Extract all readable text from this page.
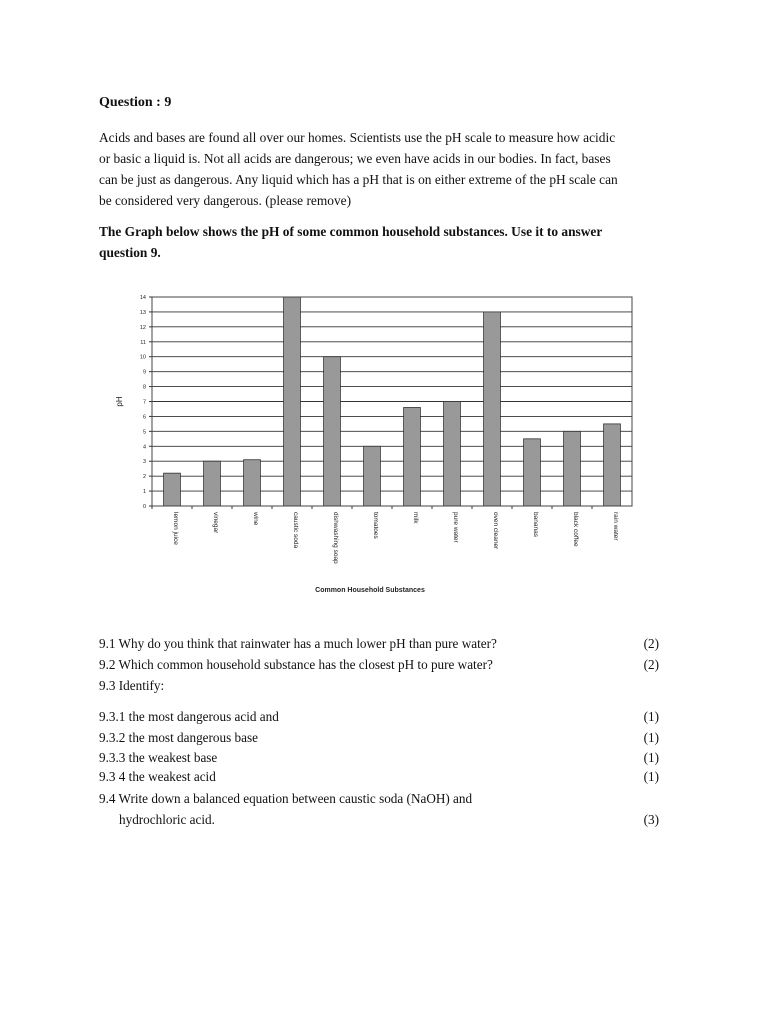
Question : 9

Acids and bases are found all over our homes. Scientists use the pH scale to measure how acidic
or basic a liquid is. Not all acids are dangerous; we even have acids in our bodies. In fact, bases
can be just as dangerous. Any liquid which has a pH that is on either extreme of the pH scale can
be considered very dangerous. (please remove)

The Graph below shows the pH of some common household substances. Use it to answer
question 9.

0
1
2
3
4
5
6
7
8
9
10
11
12
13
14
lemon juice	vinegar	wine	caustic soda	dishwashing soap	tomatoes	milk	pure water	oven cleaner	bananas	black coffee	rain water
pH
Common Household Substances
9.1 Why do you think that rainwater has a much lower pH than pure water?	(2)
9.2 Which common household substance has the closest pH to pure water?	(2)
9.3 Identify:
9.3.1 the most dangerous acid and	(1)
9.3.2 the most dangerous base	(1)
9.3.3 the weakest base	(1)
9.3 4 the weakest acid	(1)
9.4 Write down a balanced equation between caustic soda (NaOH) and
hydrochloric acid.	(3)
